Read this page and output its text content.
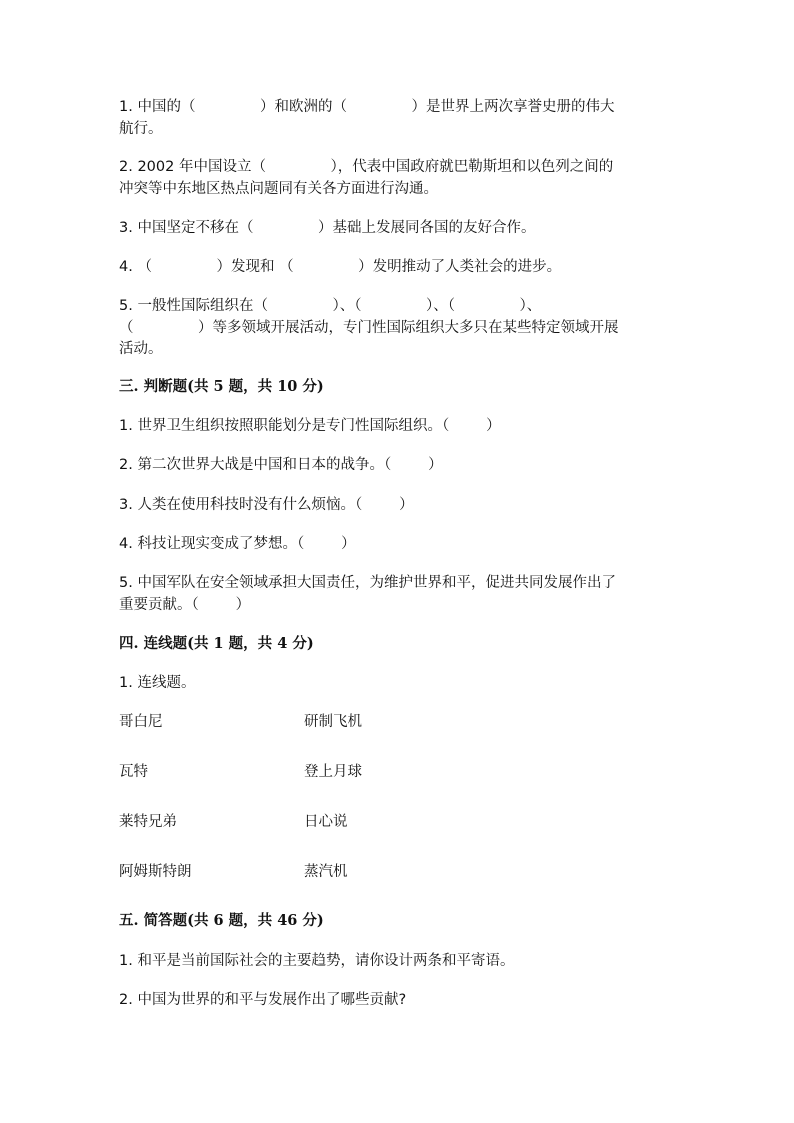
1. 中国的（              ）和欧洲的（              ）是世界上两次享誉史册的伟大
航行。
2. 2002 年中国设立（              ），代表中国政府就巴勒斯坦和以色列之间的
冲突等中东地区热点问题同有关各方面进行沟通。
3. 中国坚定不移在（              ）基础上发展同各国的友好合作。
4. （              ）发现和 （              ）发明推动了人类社会的进步。
5. 一般性国际组织在（              ）、（              ）、（              ）、
（              ）等多领域开展活动，专门性国际组织大多只在某些特定领域开展
活动。
三. 判断题(共 5 题，共 10 分)
1. 世界卫生组织按照职能划分是专门性国际组织。（        ）
2. 第二次世界大战是中国和日本的战争。（        ）
3. 人类在使用科技时没有什么烦恼。（        ）
4. 科技让现实变成了梦想。（        ）
5. 中国军队在安全领域承担大国责任，为维护世界和平，促进共同发展作出了
重要贡献。（        ）
四. 连线题(共 1 题，共 4 分)
1. 连线题。
哥白尼	研制飞机
瓦特	登上月球
莱特兄弟	日心说
阿姆斯特朗	蒸汽机
五. 简答题(共 6 题，共 46 分)
1. 和平是当前国际社会的主要趋势，请你设计两条和平寄语。
2. 中国为世界的和平与发展作出了哪些贡献?
